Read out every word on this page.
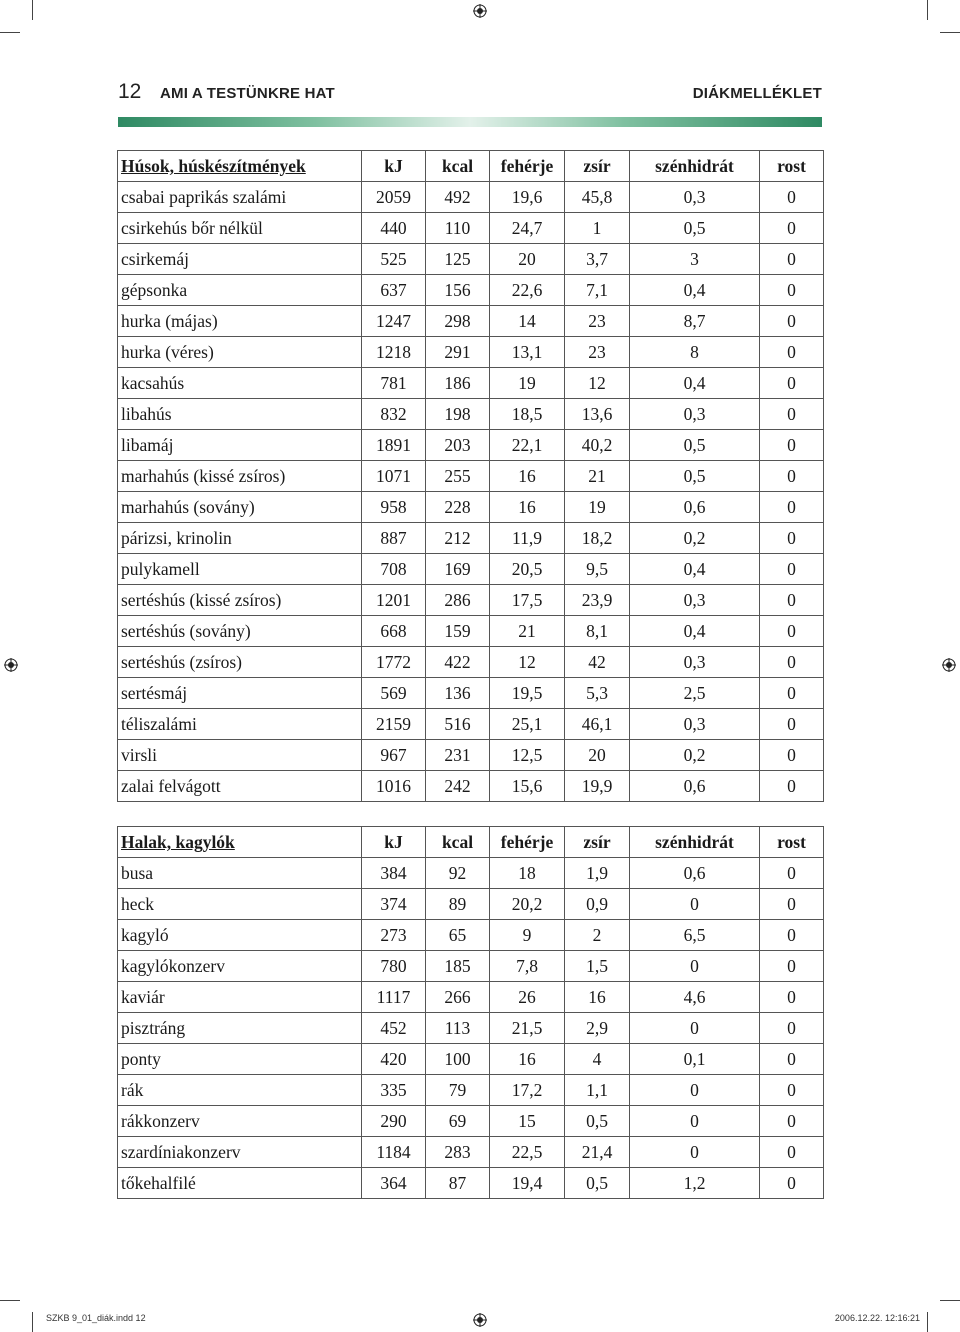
12 AMI A TESTÜNKRE HAT	DIÁKMELLÉKLET
Húsok, húskészítmények	kJ	kcal	fehérje	zsír	szénhidrát	rost
csabai paprikás szalámi	2059	492	19,6	45,8	0,3	0
csirkehús bőr nélkül	440	110	24,7	1	0,5	0
csirkemáj	525	125	20	3,7	3	0
gépsonka	637	156	22,6	7,1	0,4	0
hurka (májas)	1247	298	14	23	8,7	0
hurka (véres)	1218	291	13,1	23	8	0
kacsahús	781	186	19	12	0,4	0
libahús	832	198	18,5	13,6	0,3	0
libamáj	1891	203	22,1	40,2	0,5	0
marhahús (kissé zsíros)	1071	255	16	21	0,5	0
marhahús (sovány)	958	228	16	19	0,6	0
párizsi, krinolin	887	212	11,9	18,2	0,2	0
pulykamell	708	169	20,5	9,5	0,4	0
sertéshús (kissé zsíros)	1201	286	17,5	23,9	0,3	0
sertéshús (sovány)	668	159	21	8,1	0,4	0
sertéshús (zsíros)	1772	422	12	42	0,3	0
sertésmáj	569	136	19,5	5,3	2,5	0
téliszalámi	2159	516	25,1	46,1	0,3	0
virsli	967	231	12,5	20	0,2	0
zalai felvágott	1016	242	15,6	19,9	0,6	0
Halak, kagylók	kJ	kcal	fehérje	zsír	szénhidrát	rost
busa	384	92	18	1,9	0,6	0
heck	374	89	20,2	0,9	0	0
kagyló	273	65	9	2	6,5	0
kagylókonzerv	780	185	7,8	1,5	0	0
kaviár	1117	266	26	16	4,6	0
pisztráng	452	113	21,5	2,9	0	0
ponty	420	100	16	4	0,1	0
rák	335	79	17,2	1,1	0	0
rákkonzerv	290	69	15	0,5	0	0
szardíniakonzerv	1184	283	22,5	21,4	0	0
tőkehalfilé	364	87	19,4	0,5	1,2	0
SZKB 9_01_diák.indd 12	2006.12.22. 12:16:21
